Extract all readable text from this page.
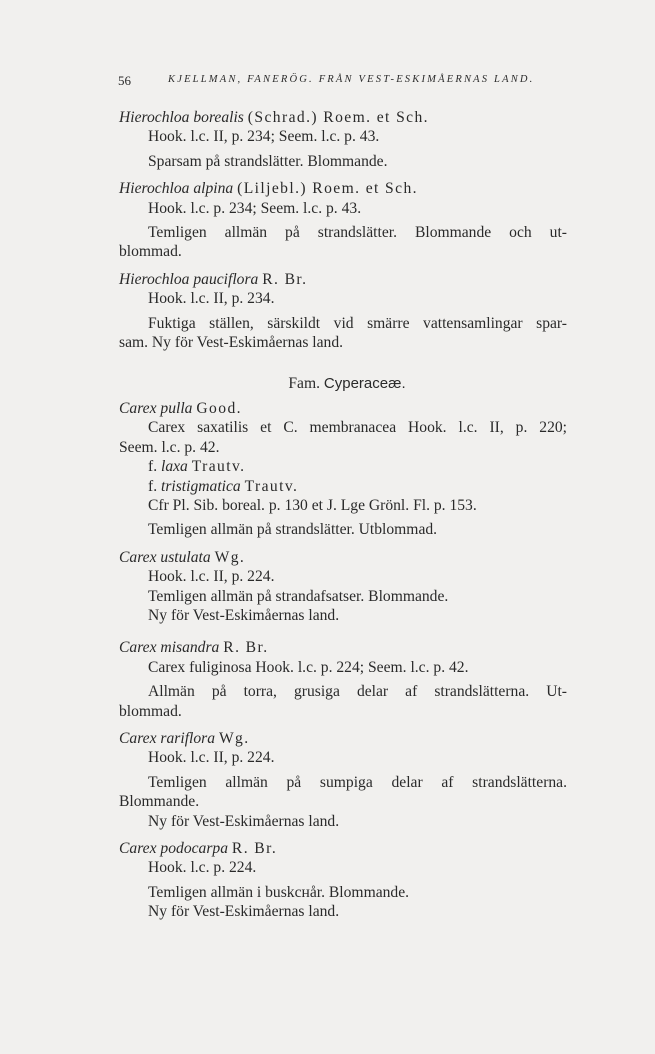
56	KJELLMAN, FANERÖG. FRÅN VEST-ESKIMÅERNAS LAND.
Hierochloa borealis (Schrad.) Roem. et Sch.
Hook. l.c. II, p. 234; Seem. l.c. p. 43.
Sparsam på strandslätter. Blommande.
Hierochloa alpina (Liljebl.) Roem. et Sch.
Hook. l.c. p. 234; Seem. l.c. p. 43.
Temligen allmän på strandslätter. Blommande och ut-
blommad.
Hierochloa pauciflora R. Br.
Hook. l.c. II, p. 234.
Fuktiga ställen, särskildt vid smärre vattensamlingar spar-
sam. Ny för Vest-Eskimåernas land.
Fam. Cyperaceæ.
Carex pulla Good.
Carex saxatilis et C. membranacea Hook. l.c. II, p. 220;
Seem. l.c. p. 42.
f. laxa Trautv.
f. tristigmatica Trautv.
Cfr Pl. Sib. boreal. p. 130 et J. Lge Grönl. Fl. p. 153.
Temligen allmän på strandslätter. Utblommad.
Carex ustulata Wg.
Hook. l.c. II, p. 224.
Temligen allmän på strandafsatser. Blommande.
Ny för Vest-Eskimåernas land.
Carex misandra R. Br.
Carex fuliginosa Hook. l.c. p. 224; Seem. l.c. p. 42.
Allmän på torra, grusiga delar af strandslätterna. Ut-
blommad.
Carex rariflora Wg.
Hook. l.c. II, p. 224.
Temligen allmän på sumpiga delar af strandslätterna.
Blommande.
Ny för Vest-Eskimåernas land.
Carex podocarpa R. Br.
Hook. l.c. p. 224.
Temligen allmän i buskснår. Blommande.
Ny för Vest-Eskimåernas land.
